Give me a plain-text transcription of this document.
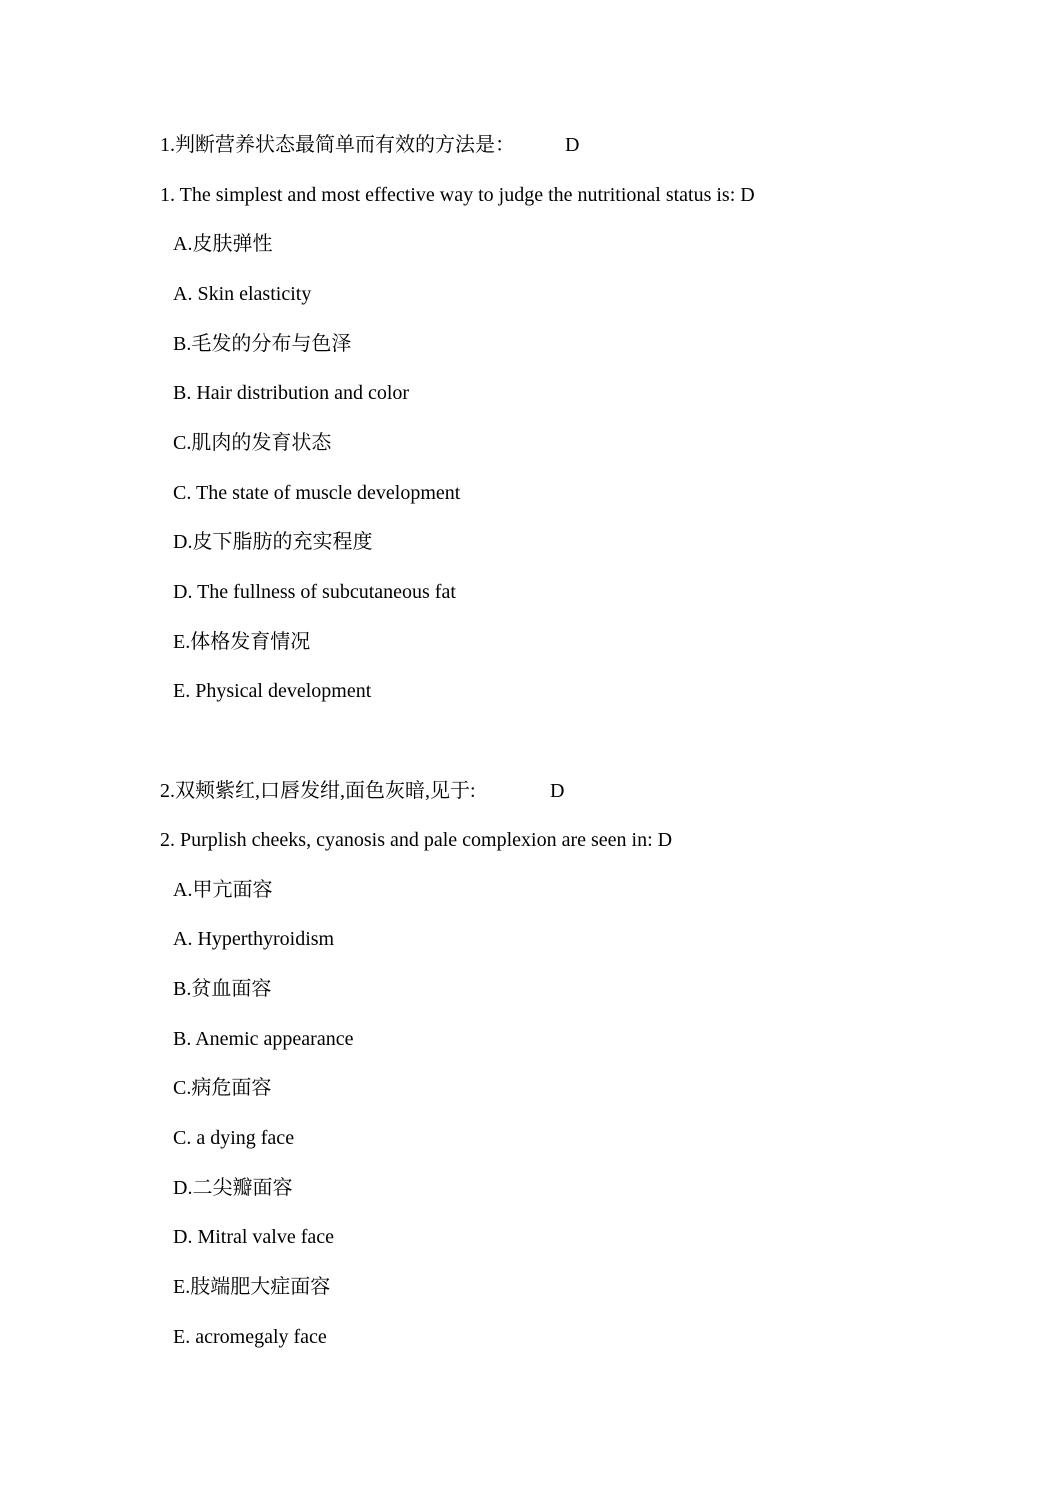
1.判断营养状态最简单而有效的方法是：	D
1. The simplest and most effective way to judge the nutritional status is: D
A.皮肤弹性
A. Skin elasticity
B.毛发的分布与色泽
B. Hair distribution and color
C.肌肉的发育状态
C. The state of muscle development
D.皮下脂肪的充实程度
D. The fullness of subcutaneous fat
E.体格发育情况
E. Physical development
2.双颊紫红,口唇发绀,面色灰暗,见于:	D
2. Purplish cheeks, cyanosis and pale complexion are seen in: D
A.甲亢面容
A. Hyperthyroidism
B.贫血面容
B. Anemic appearance
C.病危面容
C. a dying face
D.二尖瓣面容
D. Mitral valve face
E.肢端肥大症面容
E. acromegaly face
